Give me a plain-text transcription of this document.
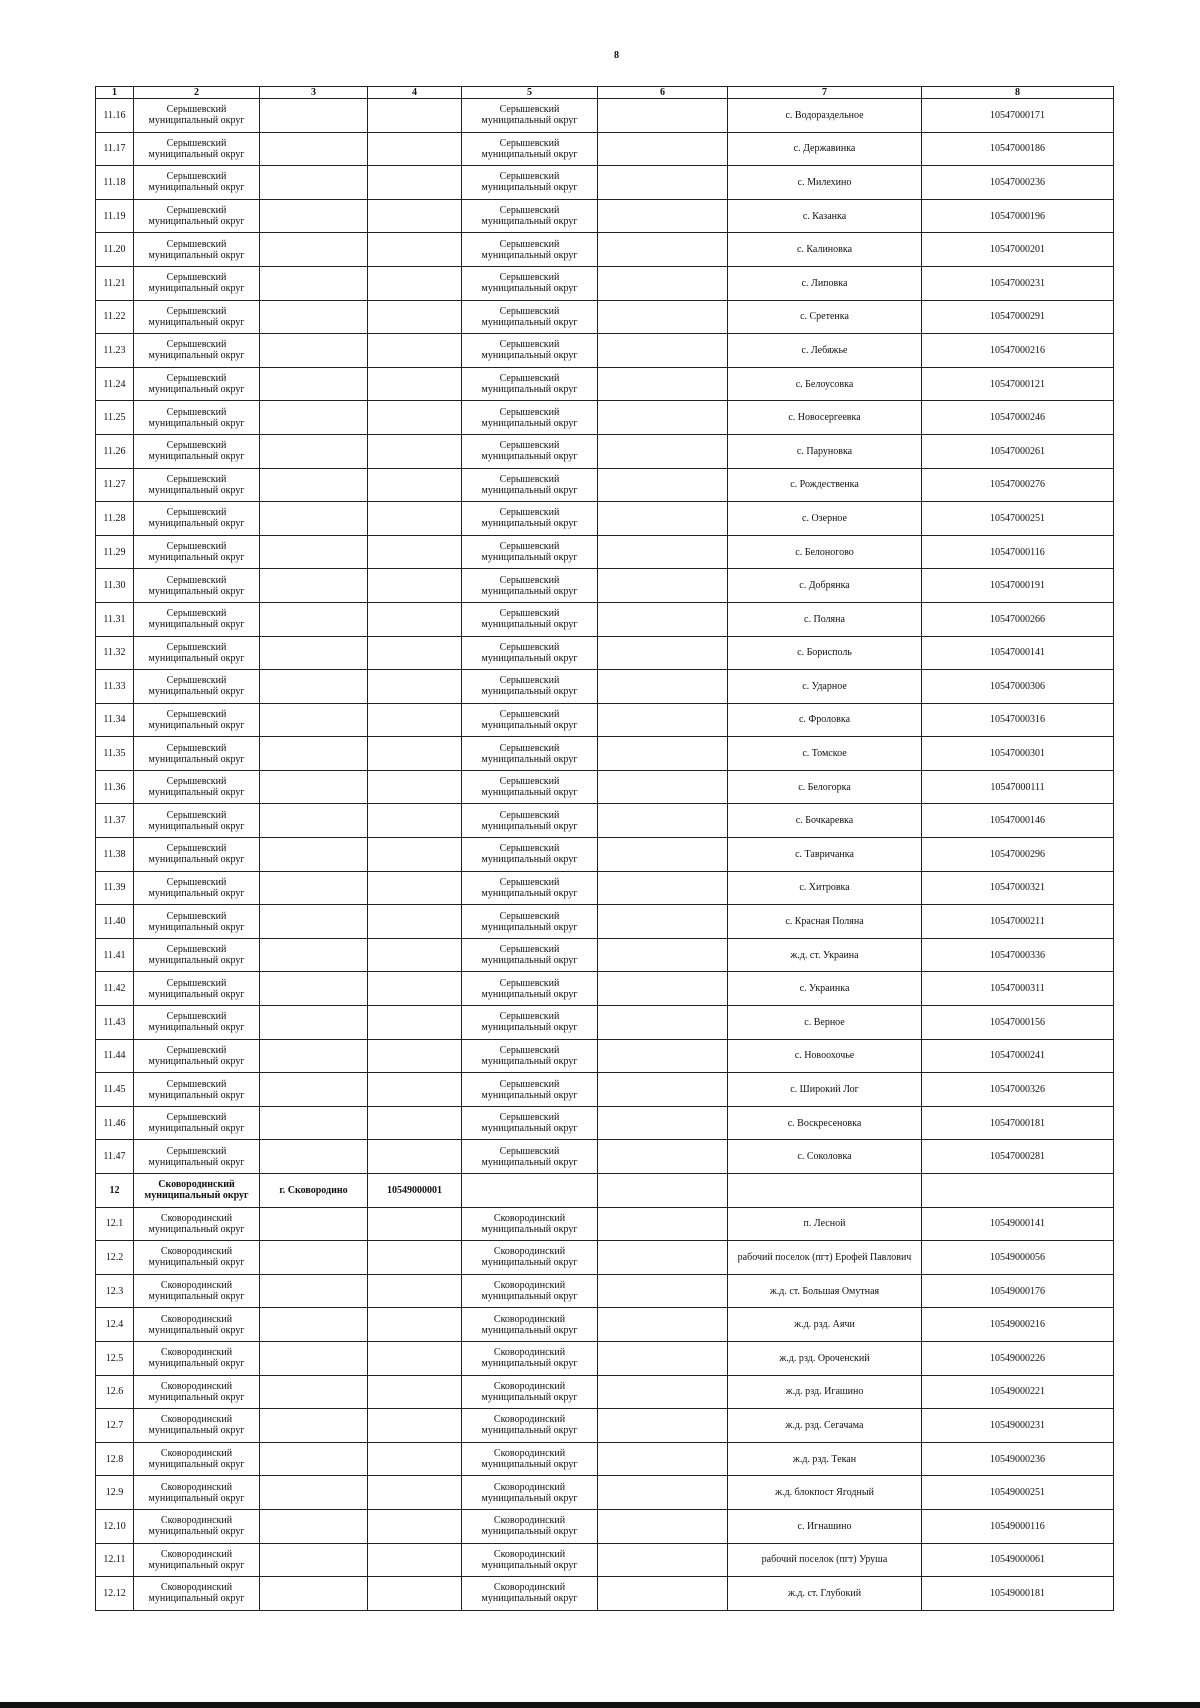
8
1	2	3	4	5	6	7	8
11.16	Серышевский муниципальный округ			Серышевский муниципальный округ		с. Водораздельное	10547000171
11.17	Серышевский муниципальный округ			Серышевский муниципальный округ		с. Державинка	10547000186
11.18	Серышевский муниципальный округ			Серышевский муниципальный округ		с. Милехино	10547000236
11.19	Серышевский муниципальный округ			Серышевский муниципальный округ		с. Казанка	10547000196
11.20	Серышевский муниципальный округ			Серышевский муниципальный округ		с. Калиновка	10547000201
11.21	Серышевский муниципальный округ			Серышевский муниципальный округ		с. Липовка	10547000231
11.22	Серышевский муниципальный округ			Серышевский муниципальный округ		с. Сретенка	10547000291
11.23	Серышевский муниципальный округ			Серышевский муниципальный округ		с. Лебяжье	10547000216
11.24	Серышевский муниципальный округ			Серышевский муниципальный округ		с. Белоусовка	10547000121
11.25	Серышевский муниципальный округ			Серышевский муниципальный округ		с. Новосергеевка	10547000246
11.26	Серышевский муниципальный округ			Серышевский муниципальный округ		с. Паруновка	10547000261
11.27	Серышевский муниципальный округ			Серышевский муниципальный округ		с. Рождественка	10547000276
11.28	Серышевский муниципальный округ			Серышевский муниципальный округ		с. Озерное	10547000251
11.29	Серышевский муниципальный округ			Серышевский муниципальный округ		с. Белоногово	10547000116
11.30	Серышевский муниципальный округ			Серышевский муниципальный округ		с. Добрянка	10547000191
11.31	Серышевский муниципальный округ			Серышевский муниципальный округ		с. Поляна	10547000266
11.32	Серышевский муниципальный округ			Серышевский муниципальный округ		с. Борисполь	10547000141
11.33	Серышевский муниципальный округ			Серышевский муниципальный округ		с. Ударное	10547000306
11.34	Серышевский муниципальный округ			Серышевский муниципальный округ		с. Фроловка	10547000316
11.35	Серышевский муниципальный округ			Серышевский муниципальный округ		с. Томское	10547000301
11.36	Серышевский муниципальный округ			Серышевский муниципальный округ		с. Белогорка	10547000111
11.37	Серышевский муниципальный округ			Серышевский муниципальный округ		с. Бочкаревка	10547000146
11.38	Серышевский муниципальный округ			Серышевский муниципальный округ		с. Тавричанка	10547000296
11.39	Серышевский муниципальный округ			Серышевский муниципальный округ		с. Хитровка	10547000321
11.40	Серышевский муниципальный округ			Серышевский муниципальный округ		с. Красная Поляна	10547000211
11.41	Серышевский муниципальный округ			Серышевский муниципальный округ		ж.д. ст. Украина	10547000336
11.42	Серышевский муниципальный округ			Серышевский муниципальный округ		с. Украинка	10547000311
11.43	Серышевский муниципальный округ			Серышевский муниципальный округ		с. Верное	10547000156
11.44	Серышевский муниципальный округ			Серышевский муниципальный округ		с. Новоохочье	10547000241
11.45	Серышевский муниципальный округ			Серышевский муниципальный округ		с. Широкий Лог	10547000326
11.46	Серышевский муниципальный округ			Серышевский муниципальный округ		с. Воскресеновка	10547000181
11.47	Серышевский муниципальный округ			Серышевский муниципальный округ		с. Соколовка	10547000281
12	Сковородинский муниципальный округ	г. Сковородино	10549000001				
12.1	Сковородинский муниципальный округ			Сковородинский муниципальный округ		п. Лесной	10549000141
12.2	Сковородинский муниципальный округ			Сковородинский муниципальный округ		рабочий поселок (пгт) Ерофей Павлович	10549000056
12.3	Сковородинский муниципальный округ			Сковородинский муниципальный округ		ж.д. ст. Большая Омутная	10549000176
12.4	Сковородинский муниципальный округ			Сковородинский муниципальный округ		ж.д. рзд. Аячи	10549000216
12.5	Сковородинский муниципальный округ			Сковородинский муниципальный округ		ж.д. рзд. Ороченский	10549000226
12.6	Сковородинский муниципальный округ			Сковородинский муниципальный округ		ж.д. рзд. Игашино	10549000221
12.7	Сковородинский муниципальный округ			Сковородинский муниципальный округ		ж.д. рзд. Сегачама	10549000231
12.8	Сковородинский муниципальный округ			Сковородинский муниципальный округ		ж.д. рзд. Текан	10549000236
12.9	Сковородинский муниципальный округ			Сковородинский муниципальный округ		ж.д. блокпост Ягодный	10549000251
12.10	Сковородинский муниципальный округ			Сковородинский муниципальный округ		с. Игнашино	10549000116
12.11	Сковородинский муниципальный округ			Сковородинский муниципальный округ		рабочий поселок (пгт) Уруша	10549000061
12.12	Сковородинский муниципальный округ			Сковородинский муниципальный округ		ж.д. ст. Глубокий	10549000181
